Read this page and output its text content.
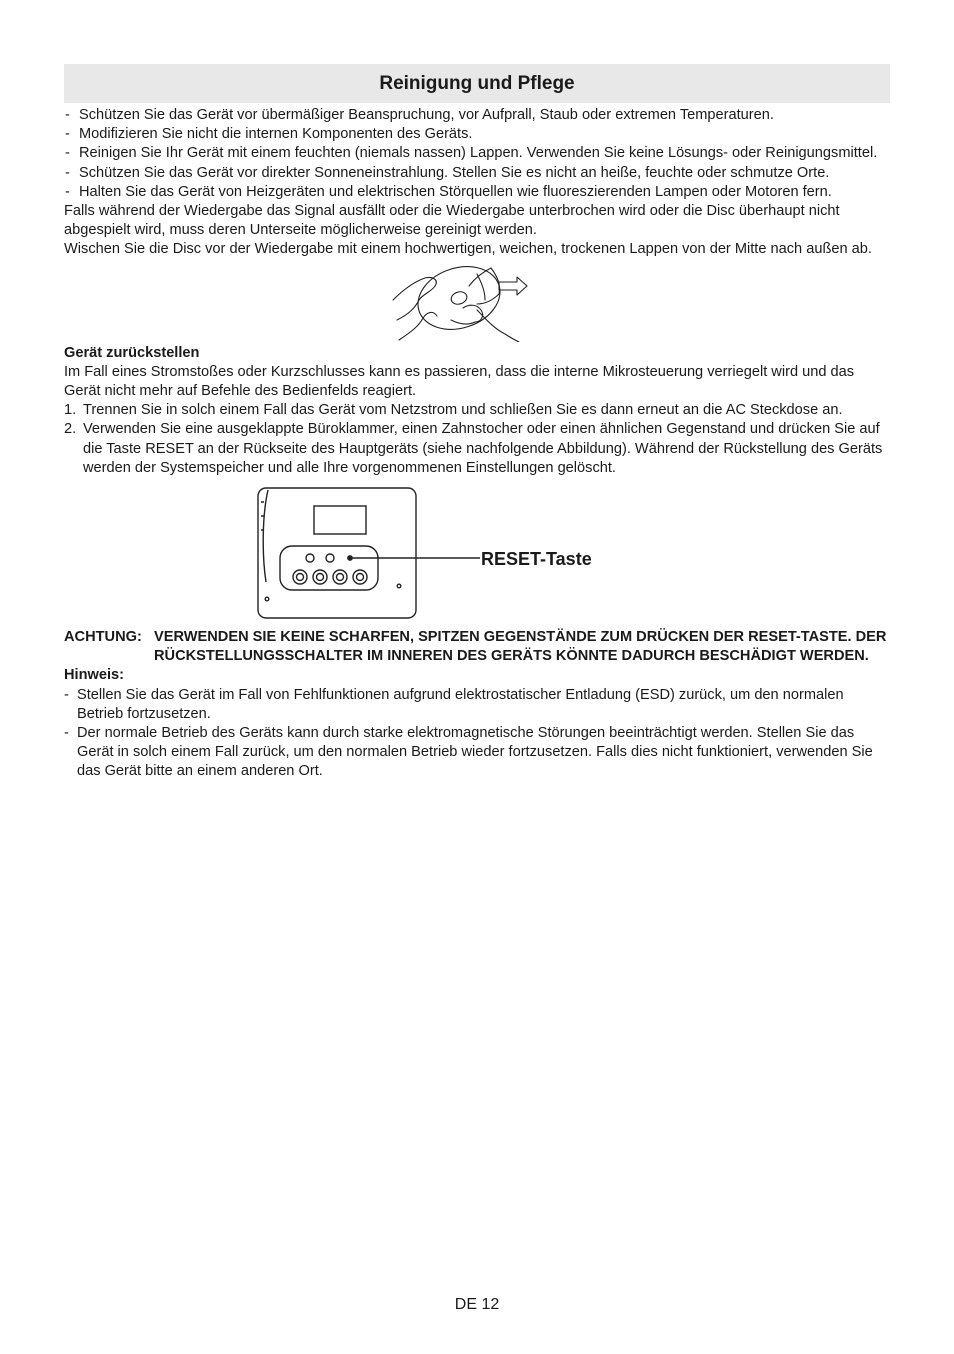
Reinigung und Pflege
- Schützen Sie das Gerät vor übermäßiger Beanspruchung, vor Aufprall, Staub oder extremen Temperaturen.
- Modifizieren Sie nicht die internen Komponenten des Geräts.
- Reinigen Sie Ihr Gerät mit einem feuchten (niemals nassen) Lappen. Verwenden Sie keine Lösungs- oder Reinigungsmittel.
- Schützen Sie das Gerät vor direkter Sonneneinstrahlung. Stellen Sie es nicht an heiße, feuchte oder schmutze Orte.
- Halten Sie das Gerät von Heizgeräten und elektrischen Störquellen wie fluoreszierenden Lampen oder Motoren fern.

Falls während der Wiedergabe das Signal ausfällt oder die Wiedergabe unterbrochen wird oder die Disc überhaupt nicht abgespielt wird, muss deren Unterseite möglicherweise gereinigt werden.

Wischen Sie die Disc vor der Wiedergabe mit einem hochwertigen, weichen, trockenen Lappen von der Mitte nach außen ab.

Gerät zurückstellen

Im Fall eines Stromstoßes oder Kurzschlusses kann es passieren, dass die interne Mikrosteuerung verriegelt wird und das Gerät nicht mehr auf Befehle des Bedienfelds reagiert.

1. Trennen Sie in solch einem Fall das Gerät vom Netzstrom und schließen Sie es dann erneut an die AC Steckdose an.
2. Verwenden Sie eine ausgeklappte Büroklammer, einen Zahnstocher oder einen ähnlichen Gegenstand und drücken Sie auf die Taste RESET an der Rückseite des Hauptgeräts (siehe nachfolgende Abbildung). Während der Rückstellung des Geräts werden der Systemspeicher und alle Ihre vorgenommenen Einstellungen gelöscht.
RESET-Taste
ACHTUNG: VERWENDEN SIE KEINE SCHARFEN, SPITZEN GEGENSTÄNDE ZUM DRÜCKEN DER RESET-TASTE. DER RÜCKSTELLUNGSSCHALTER IM INNEREN DES GERÄTS KÖNNTE DADURCH BESCHÄDIGT WERDEN.

Hinweis:

- Stellen Sie das Gerät im Fall von Fehlfunktionen aufgrund elektrostatischer Entladung (ESD) zurück, um den normalen Betrieb fortzusetzen.
- Der normale Betrieb des Geräts kann durch starke elektromagnetische Störungen beeinträchtigt werden. Stellen Sie das Gerät in solch einem Fall zurück, um den normalen Betrieb wieder fortzusetzen. Falls dies nicht funktioniert, verwenden Sie das Gerät bitte an einem anderen Ort.
DE 12
